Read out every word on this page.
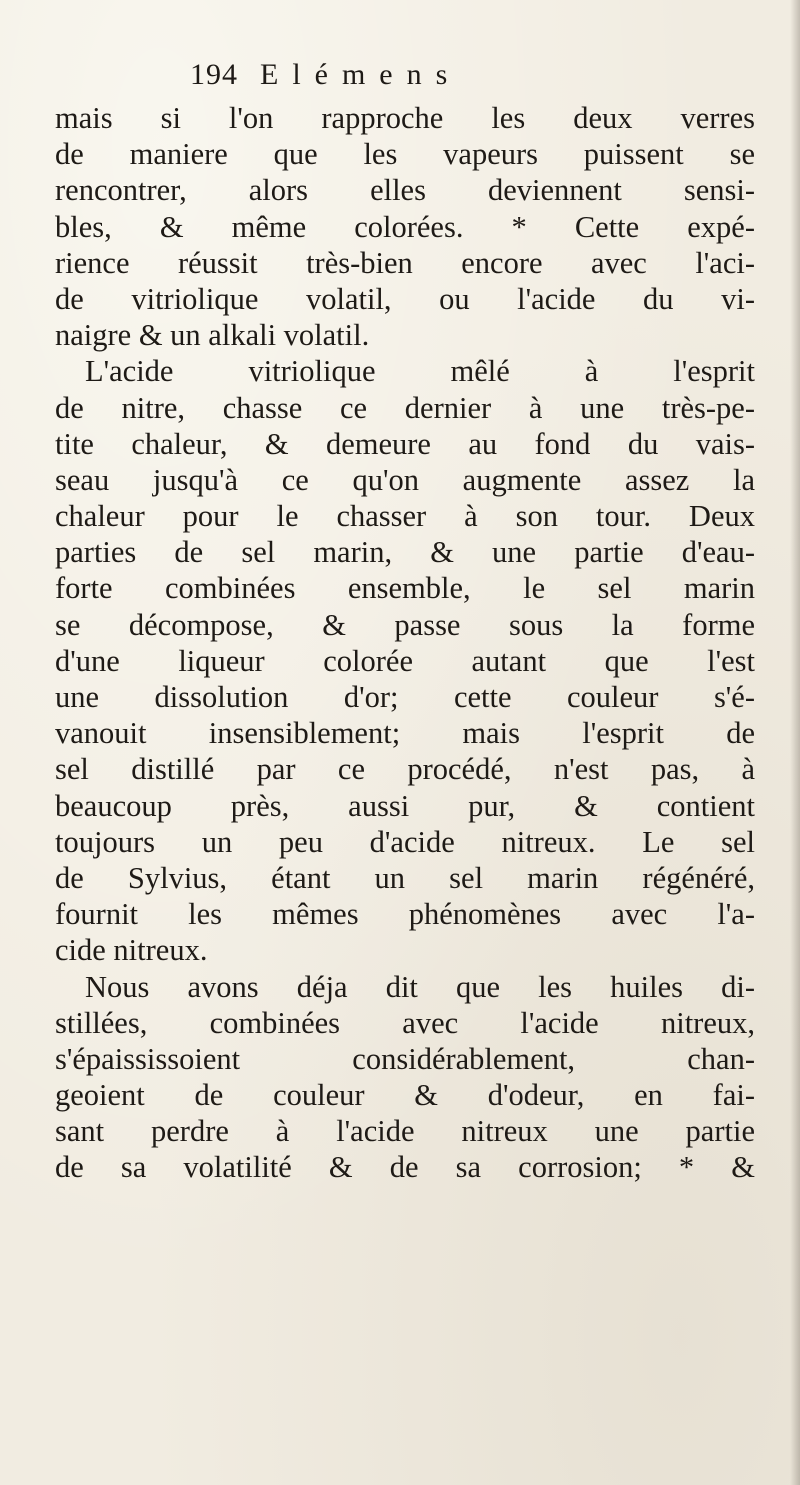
194 Elémens
mais si l'on rapproche les deux verres
de maniere que les vapeurs puissent se
rencontrer, alors elles deviennent sensi-
bles, & même colorées. * Cette expé-
rience réussit très-bien encore avec l'aci-
de vitriolique volatil, ou l'acide du vi-
naigre & un alkali volatil.
L'acide vitriolique mêlé à l'esprit
de nitre, chasse ce dernier à une très-pe-
tite chaleur, & demeure au fond du vais-
seau jusqu'à ce qu'on augmente assez la
chaleur pour le chasser à son tour. Deux
parties de sel marin, & une partie d'eau-
forte combinées ensemble, le sel marin
se décompose, & passe sous la forme
d'une liqueur colorée autant que l'est
une dissolution d'or; cette couleur s'é-
vanouit insensiblement; mais l'esprit de
sel distillé par ce procédé, n'est pas, à
beaucoup près, aussi pur, & contient
toujours un peu d'acide nitreux. Le sel
de Sylvius, étant un sel marin régénéré,
fournit les mêmes phénomènes avec l'a-
cide nitreux.
Nous avons déja dit que les huiles di-
stillées, combinées avec l'acide nitreux,
s'épaississoient considérablement, chan-
geoient de couleur & d'odeur, en fai-
sant perdre à l'acide nitreux une partie
de sa volatilité & de sa corrosion; * &
